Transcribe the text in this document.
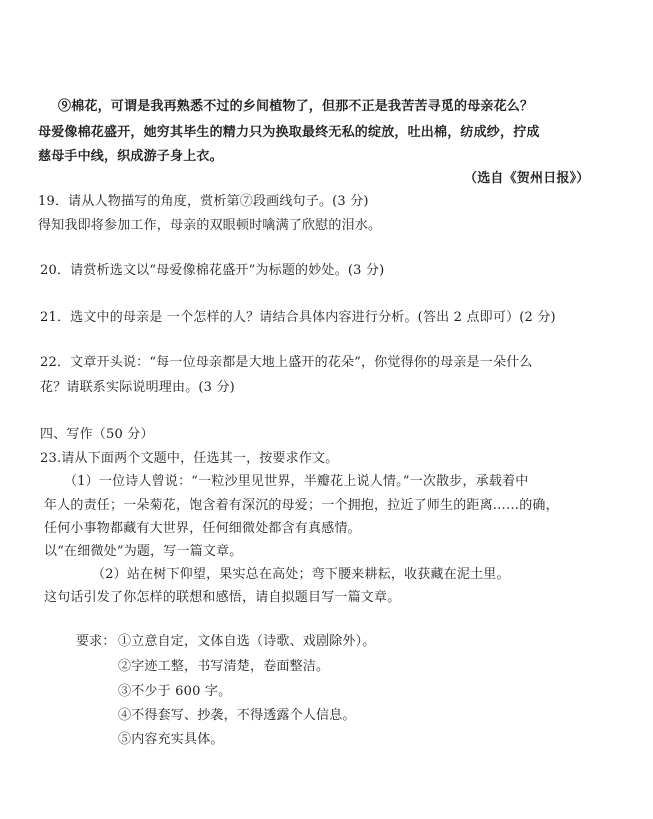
⑨棉花，可谓是我再熟悉不过的乡间植物了，但那不正是我苦苦寻觅的母亲花么？
母爱像棉花盛开，她穷其毕生的精力只为换取最终无私的绽放，吐出棉，纺成纱，拧成
慈母手中线，织成游子身上衣。
（选自《贺州日报》）
19．请从人物描写的角度，赏析第⑦段画线句子。(3 分)
得知我即将参加工作，母亲的双眼顿时噙满了欣慰的泪水。
20．请赏析选文以“母爱像棉花盛开”为标题的妙处。(3 分)
21．选文中的母亲是 一个怎样的人？请结合具体内容进行分析。(答出 2 点即可）(2 分)
22．文章开头说：“每一位母亲都是大地上盛开的花朵”，你觉得你的母亲是一朵什么
花？请联系实际说明理由。(3 分)
四、写作（50 分）
23.请从下面两个文题中，任选其一，按要求作文。
（1）一位诗人曾说：“一粒沙里见世界，半瓣花上说人情。”一次散步，承载着中
年人的责任；一朵菊花，饱含着有深沉的母爱；一个拥抱，拉近了师生的距离……的确，
任何小事物都藏有大世界，任何细微处都含有真感情。
以“在细微处”为题，写一篇文章。
（2）站在树下仰望，果实总在高处；弯下腰来耕耘，收获藏在泥土里。
这句话引发了你怎样的联想和感悟，请自拟题目写一篇文章。
要求： ①立意自定，文体自选（诗歌、戏剧除外）。
②字迹工整，书写清楚，卷面整洁。
③不少于 600 字。
④不得套写、抄袭，不得透露个人信息。
⑤内容充实具体。
